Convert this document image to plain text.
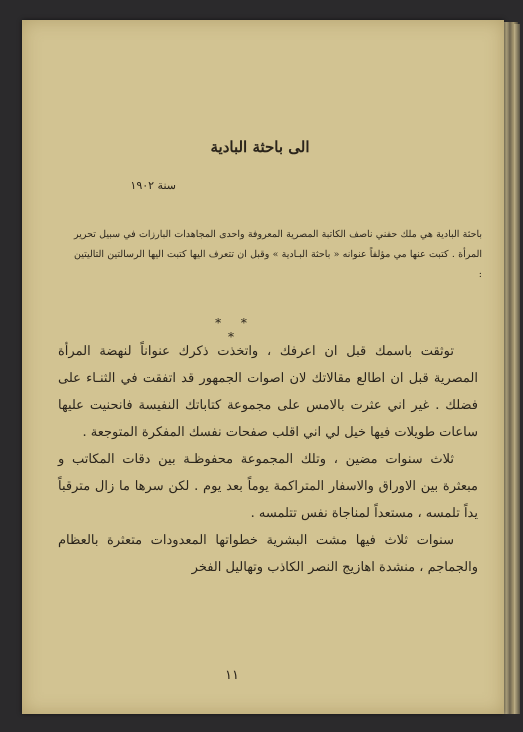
الى باحثة البادية
سنة ١٩٠٢
باحثة البادية هي ملك حفني ناصف الكاتبة المصرية المعروفة واحدى المجاهدات البارزات في سبيل تحرير المرأة . كتبت عنها مي مؤلفاً عنوانه « باحثة البـادية » وقبل ان تتعرف اليها كتبت اليها الرسالتين التاليتين :
* * *

توثقت باسمك قبل ان اعرفك ، واتخذت ذكرك عنواناً لنهضة المرأة المصرية قبل ان اطالع مقالاتك لان اصوات الجمهور قد اتفقت في الثنـاء على فضلك . غير اني عثرت بالامس على مجموعة كتاباتك النفيسة فانحنيت عليها ساعات طويلات فيها خيل لي اني اقلب صفحات نفسك المفكرة المتوجعة .

ثلاث سنوات مضين ، وتلك المجموعة محفوظـة بين دقات المكاتب و مبعثرة بين الاوراق والاسفار المتراكمة يوماً بعد يوم . لكن سرها ما زال مترقباً يداً تلمسه ، مستعداً لمناجاة نفس تتلمسه .

سنوات ثلاث فيها مشت البشرية خطواتها المعدودات متعثرة بالعظام والجماجم ، منشدة اهازيج النصر الكاذب وتهاليل الفخر

١١
